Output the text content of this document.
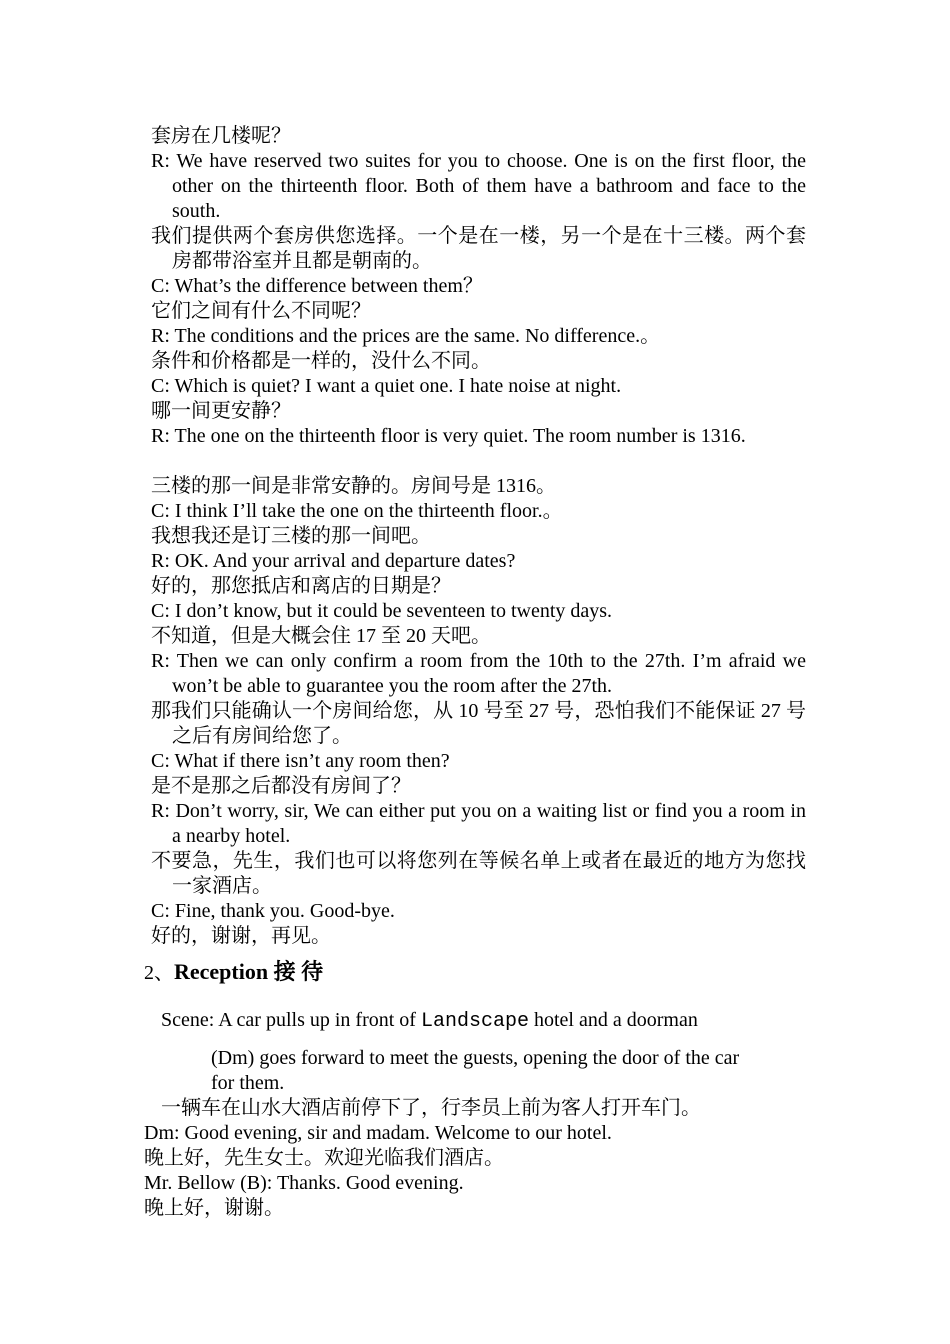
套房在几楼呢？
R: We have reserved two suites for you to choose. One is on the first floor, the other on the thirteenth floor. Both of them have a bathroom and face to the south.
我们提供两个套房供您选择。一个是在一楼，另一个是在十三楼。两个套房都带浴室并且都是朝南的。
C: What’s the difference between them？
它们之间有什么不同呢？
R: The conditions and the prices are the same. No difference.。
条件和价格都是一样的，没什么不同。
C: Which is quiet? I want a quiet one. I hate noise at night.
哪一间更安静？
R: The one on the thirteenth floor is very quiet. The room number is 1316.
三楼的那一间是非常安静的。房间号是 1316。
C: I think I’ll take the one on the thirteenth floor.。
我想我还是订三楼的那一间吧。
R: OK. And your arrival and departure dates?
好的，那您抵店和离店的日期是？
C: I don’t know, but it could be seventeen to twenty days.
不知道，但是大概会住 17 至 20 天吧。
R: Then we can only confirm a room from the 10th to the 27th. I’m afraid we won’t be able to guarantee you the room after the 27th.
那我们只能确认一个房间给您，从 10 号至 27 号，恐怕我们不能保证 27 号之后有房间给您了。
C: What if there isn’t any room then?
是不是那之后都没有房间了？
R: Don’t worry, sir, We can either put you on a waiting list or find you a room in a nearby hotel.
不要急，先生，我们也可以将您列在等候名单上或者在最近的地方为您找一家酒店。
C: Fine, thank you. Good-bye.
好的，谢谢，再见。
2、Reception 接 待
Scene: A car pulls up in front of Landscape hotel and a doorman
(Dm) goes forward to meet the guests, opening the door of the car
for them.
一辆车在山水大酒店前停下了，行李员上前为客人打开车门。
Dm: Good evening, sir and madam. Welcome to our hotel.
晚上好，先生女士。欢迎光临我们酒店。
Mr. Bellow (B): Thanks. Good evening.
晚上好，谢谢。
